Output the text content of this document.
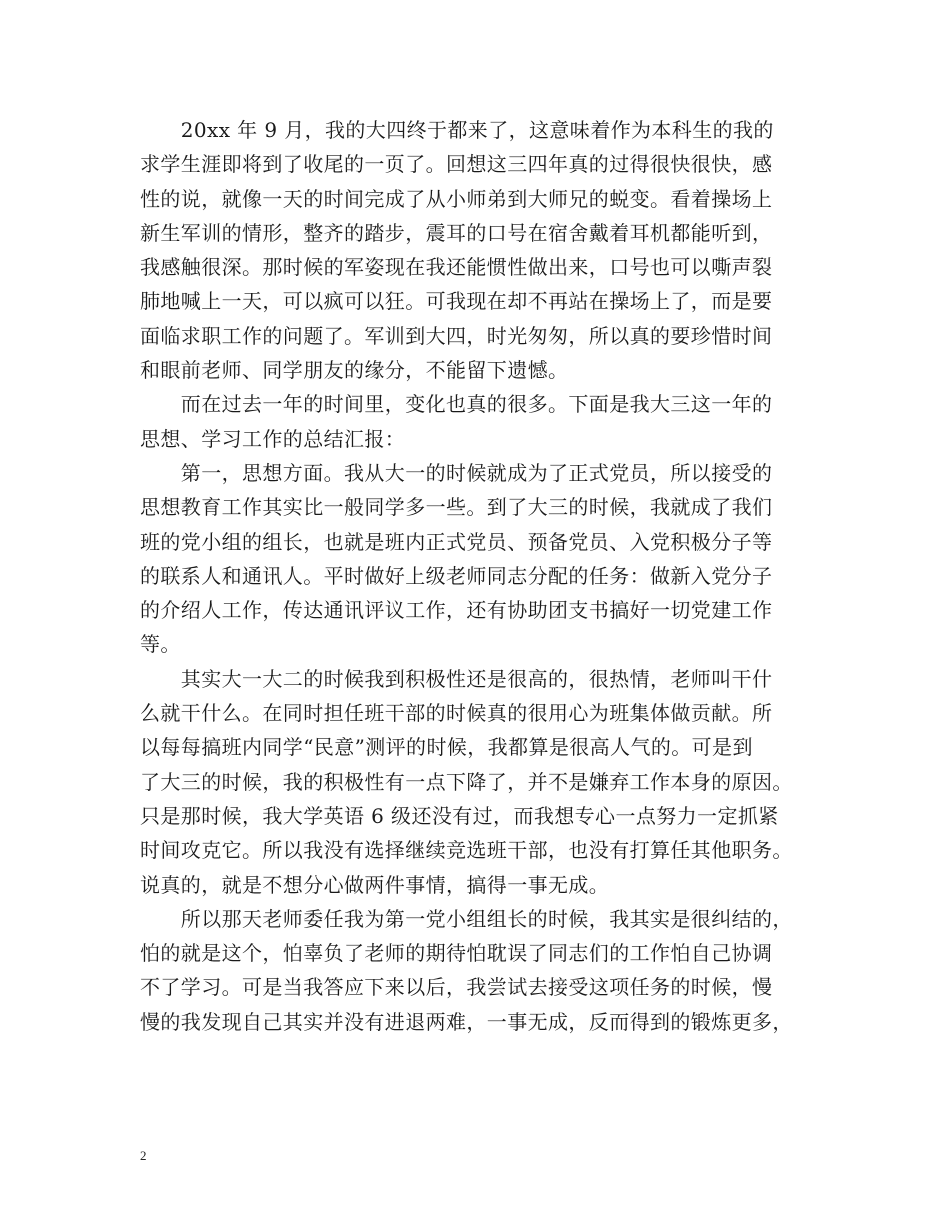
　　20xx 年 9 月，我的大四终于都来了，这意味着作为本科生的我的
求学生涯即将到了收尾的一页了。回想这三四年真的过得很快很快，感
性的说，就像一天的时间完成了从小师弟到大师兄的蜕变。看着操场上
新生军训的情形，整齐的踏步，震耳的口号在宿舍戴着耳机都能听到，
我感触很深。那时候的军姿现在我还能惯性做出来，口号也可以嘶声裂
肺地喊上一天，可以疯可以狂。可我现在却不再站在操场上了，而是要
面临求职工作的问题了。军训到大四，时光匆匆，所以真的要珍惜时间
和眼前老师、同学朋友的缘分，不能留下遗憾。
　　而在过去一年的时间里，变化也真的很多。下面是我大三这一年的
思想、学习工作的总结汇报：
　　第一，思想方面。我从大一的时候就成为了正式党员，所以接受的
思想教育工作其实比一般同学多一些。到了大三的时候，我就成了我们
班的党小组的组长，也就是班内正式党员、预备党员、入党积极分子等
的联系人和通讯人。平时做好上级老师同志分配的任务：做新入党分子
的介绍人工作，传达通讯评议工作，还有协助团支书搞好一切党建工作
等。
　　其实大一大二的时候我到积极性还是很高的，很热情，老师叫干什
么就干什么。在同时担任班干部的时候真的很用心为班集体做贡献。所
以每每搞班内同学“民意”测评的时候，我都算是很高人气的。可是到
了大三的时候，我的积极性有一点下降了，并不是嫌弃工作本身的原因。
只是那时候，我大学英语 6 级还没有过，而我想专心一点努力一定抓紧
时间攻克它。所以我没有选择继续竞选班干部，也没有打算任其他职务。
说真的，就是不想分心做两件事情，搞得一事无成。
　　所以那天老师委任我为第一党小组组长的时候，我其实是很纠结的，
怕的就是这个，怕辜负了老师的期待怕耽误了同志们的工作怕自己协调
不了学习。可是当我答应下来以后，我尝试去接受这项任务的时候，慢
慢的我发现自己其实并没有进退两难，一事无成，反而得到的锻炼更多，
2
